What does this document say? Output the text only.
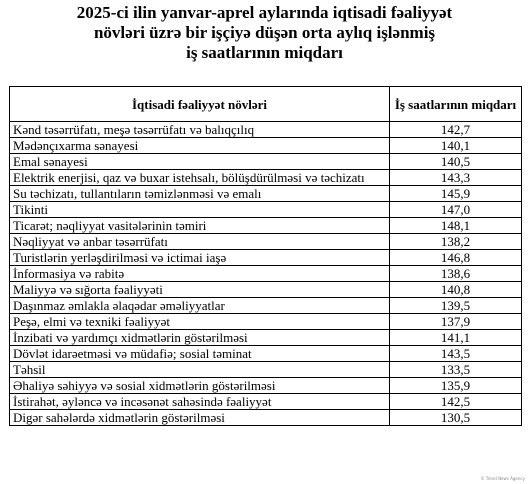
2025-ci ilin yanvar-aprel aylarında iqtisadi fəaliyyət
növləri üzrə bir işçiyə düşən orta aylıq işlənmiş
iş saatlarının miqdarı
İqtisadi fəaliyyət növləri	İş saatlarının miqdarı
Kənd təsərrüfatı, meşə təsərrüfatı və balıqçılıq	142,7
Mədənçıxarma sənayesi	140,1
Emal sənayesi	140,5
Elektrik enerjisi, qaz və buxar istehsalı, bölüşdürülməsi və təchizatı	143,3
Su təchizatı, tullantıların təmizlənməsi və emalı	145,9
Tikinti	147,0
Ticarət; nəqliyyat vasitələrinin təmiri	148,1
Nəqliyyat və anbar təsərrüfatı	138,2
Turistlərin yerləşdirilməsi və ictimai iaşə	146,8
İnformasiya və rabitə	138,6
Maliyyə və sığorta fəaliyyəti	140,8
Daşınmaz əmlakla əlaqədar əməliyyatlar	139,5
Peşə, elmi və texniki fəaliyyət	137,9
İnzibati və yardımçı xidmətlərin göstərilməsi	141,1
Dövlət idarəetməsi və müdafiə; sosial təminat	143,5
Təhsil	133,5
Əhaliyə səhiyyə və sosial xidmətlərin göstərilməsi	135,9
İstirahət, əyləncə və incəsənət sahəsində fəaliyyət	142,5
Digər sahələrdə xidmətlərin göstərilməsi	130,5
© Trend News Agency
